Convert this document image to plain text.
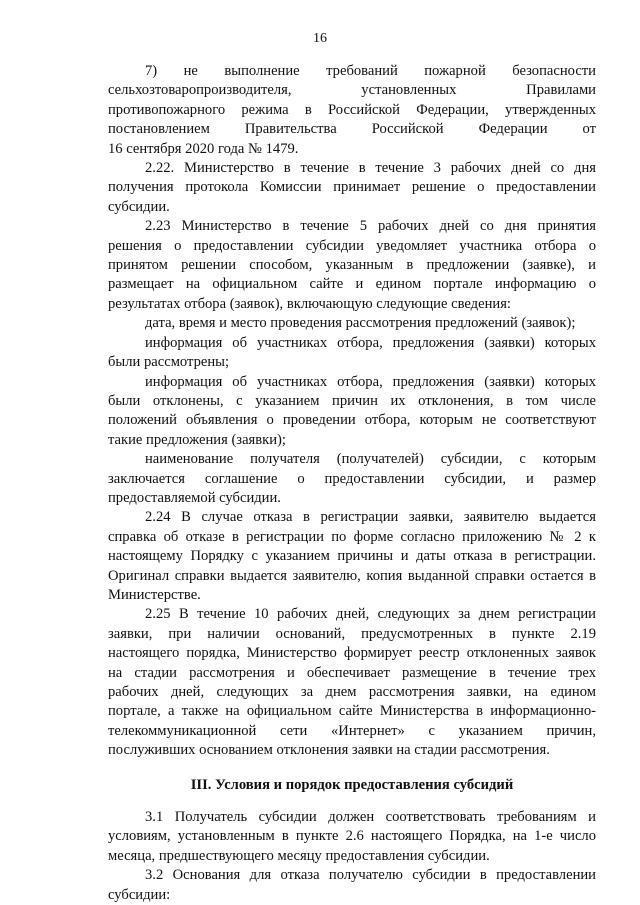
16
7) не выполнение требований пожарной безопасности
сельхозтоваропроизводителя, установленных Правилами
противопожарного режима в Российской Федерации, утвержденных
постановлением Правительства Российской Федерации от
16 сентября 2020 года № 1479.
2.22. Министерство в течение в течение 3 рабочих дней со дня
получения протокола Комиссии принимает решение о предоставлении
субсидии.
2.23 Министерство в течение 5 рабочих дней со дня принятия
решения о предоставлении субсидии уведомляет участника отбора о
принятом решении способом, указанным в предложении (заявке), и
размещает на официальном сайте и едином портале информацию о
результатах отбора (заявок), включающую следующие сведения:
дата, время и место проведения рассмотрения предложений (заявок);
информация об участниках отбора, предложения (заявки) которых
были рассмотрены;
информация об участниках отбора, предложения (заявки) которых
были отклонены, с указанием причин их отклонения, в том числе
положений объявления о проведении отбора, которым не соответствуют
такие предложения (заявки);
наименование получателя (получателей) субсидии, с которым
заключается соглашение о предоставлении субсидии, и размер
предоставляемой субсидии.
2.24 В случае отказа в регистрации заявки, заявителю выдается
справка об отказе в регистрации по форме согласно приложению № 2 к
настоящему Порядку с указанием причины и даты отказа в регистрации.
Оригинал справки выдается заявителю, копия выданной справки остается в
Министерстве.
2.25 В течение 10 рабочих дней, следующих за днем регистрации
заявки, при наличии оснований, предусмотренных в пункте 2.19
настоящего порядка, Министерство формирует реестр отклоненных заявок
на стадии рассмотрения и обеспечивает размещение в течение трех
рабочих дней, следующих за днем рассмотрения заявки, на едином
портале, а также на официальном сайте Министерства в информационно-
телекоммуникационной сети «Интернет» с указанием причин,
послуживших основанием отклонения заявки на стадии рассмотрения.
III. Условия и порядок предоставления субсидий
3.1 Получатель субсидии должен соответствовать требованиям и
условиям, установленным в пункте 2.6 настоящего Порядка, на 1-е число
месяца, предшествующего месяцу предоставления субсидии.
3.2 Основания для отказа получателю субсидии в предоставлении
субсидии:
